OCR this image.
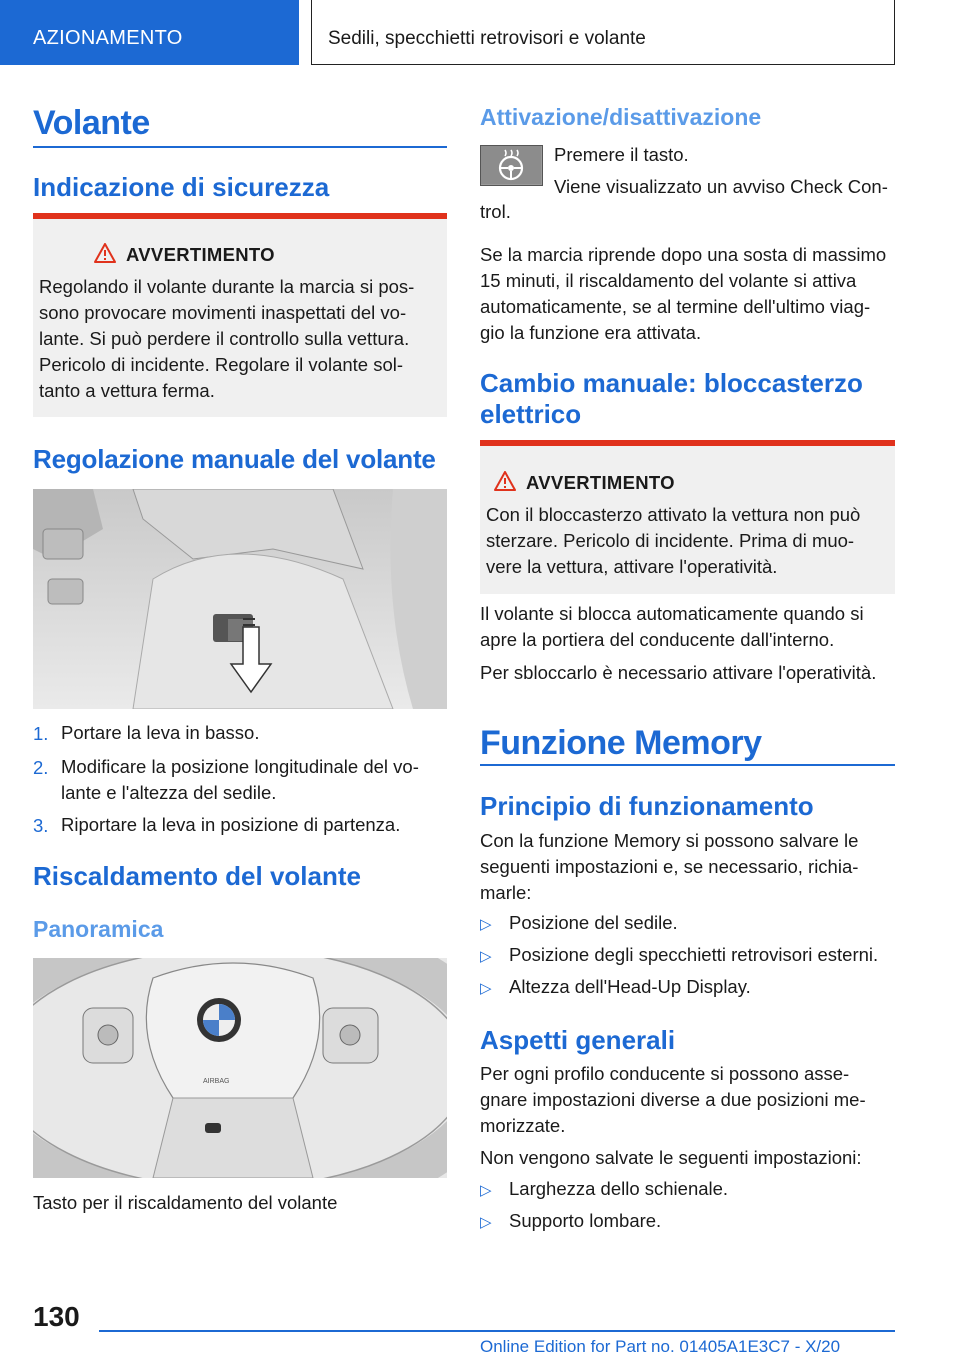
AZIONAMENTO	Sedili, specchietti retrovisori e volante
Volante
Indicazione di sicurezza
AVVERTIMENTO
Regolando il volante durante la marcia si pos-
sono provocare movimenti inaspettati del vo-
lante. Si può perdere il controllo sulla vettura.
Pericolo di incidente. Regolare il volante sol-
tanto a vettura ferma.
Regolazione manuale del volante
1. Portare la leva in basso.
2. Modificare la posizione longitudinale del vo-
lante e l'altezza del sedile.
3. Riportare la leva in posizione di partenza.
Riscaldamento del volante
Panoramica
AIRBAG
Tasto per il riscaldamento del volante
Attivazione/disattivazione
Premere il tasto.
Viene visualizzato un avviso Check Con-
trol.
Se la marcia riprende dopo una sosta di massimo
15 minuti, il riscaldamento del volante si attiva
automaticamente, se al termine dell'ultimo viag-
gio la funzione era attivata.
Cambio manuale: bloccasterzo
elettrico
AVVERTIMENTO
Con il bloccasterzo attivato la vettura non può
sterzare. Pericolo di incidente. Prima di muo-
vere la vettura, attivare l'operatività.
Il volante si blocca automaticamente quando si
apre la portiera del conducente dall'interno.
Per sbloccarlo è necessario attivare l'operatività.
Funzione Memory
Principio di funzionamento
Con la funzione Memory si possono salvare le
seguenti impostazioni e, se necessario, richia-
marle:
▷ Posizione del sedile.
▷ Posizione degli specchietti retrovisori esterni.
▷ Altezza dell'Head-Up Display.
Aspetti generali
Per ogni profilo conducente si possono asse-
gnare impostazioni diverse a due posizioni me-
morizzate.
Non vengono salvate le seguenti impostazioni:
▷ Larghezza dello schienale.
▷ Supporto lombare.
130
Online Edition for Part no. 01405A1E3C7 - X/20
